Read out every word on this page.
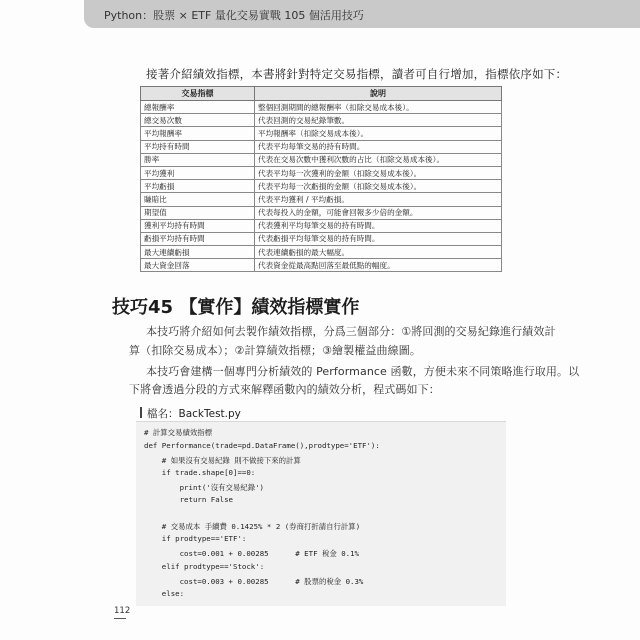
Python：股票 × ETF 量化交易實戰 105 個活用技巧
接著介紹績效指標，本書將針對特定交易指標，讀者可自行增加，指標依序如下：
交易指標	說明
總報酬率	整個回測期間的總報酬率（扣除交易成本後）。
總交易次數	代表回測的交易紀錄筆數。
平均報酬率	平均報酬率（扣除交易成本後）。
平均持有時間	代表平均每筆交易的持有時間。
勝率	代表在交易次數中獲利次數的占比（扣除交易成本後）。
平均獲利	代表平均每一次獲利的金額（扣除交易成本後）。
平均虧損	代表平均每一次虧損的金額（扣除交易成本後）。
賺賠比	代表平均獲利 / 平均虧損。
期望值	代表每投入的金額，可能會回報多少倍的金額。
獲利平均持有時間	代表獲利平均每筆交易的持有時間。
虧損平均持有時間	代表虧損平均每筆交易的持有時間。
最大連續虧損	代表連續虧損的最大幅度。
最大資金回落	代表資金從最高點回落至最低點的幅度。
技巧45 【實作】績效指標實作
本技巧將介紹如何去製作績效指標，分爲三個部分：①將回測的交易紀錄進行績效計
算（扣除交易成本）；②計算績效指標；③繪製權益曲線圖。
本技巧會建構一個專門分析績效的 Performance 函數，方便未來不同策略進行取用。以
下將會透過分段的方式來解釋函數內的績效分析，程式碼如下：
檔名：BackTest.py
# 計算交易績效指標
def Performance(trade=pd.DataFrame(),prodtype='ETF'):
# 如果沒有交易紀錄 則不做接下來的計算
if trade.shape[0]==0:
print('沒有交易紀錄')
return False
# 交易成本 手續費 0.1425% * 2 (券商打折請自行計算)
if prodtype=='ETF':
cost=0.001 + 0.00285      # ETF 稅金 0.1%
elif prodtype=='Stock':
cost=0.003 + 0.00285      # 股票的稅金 0.3%
else:
112
